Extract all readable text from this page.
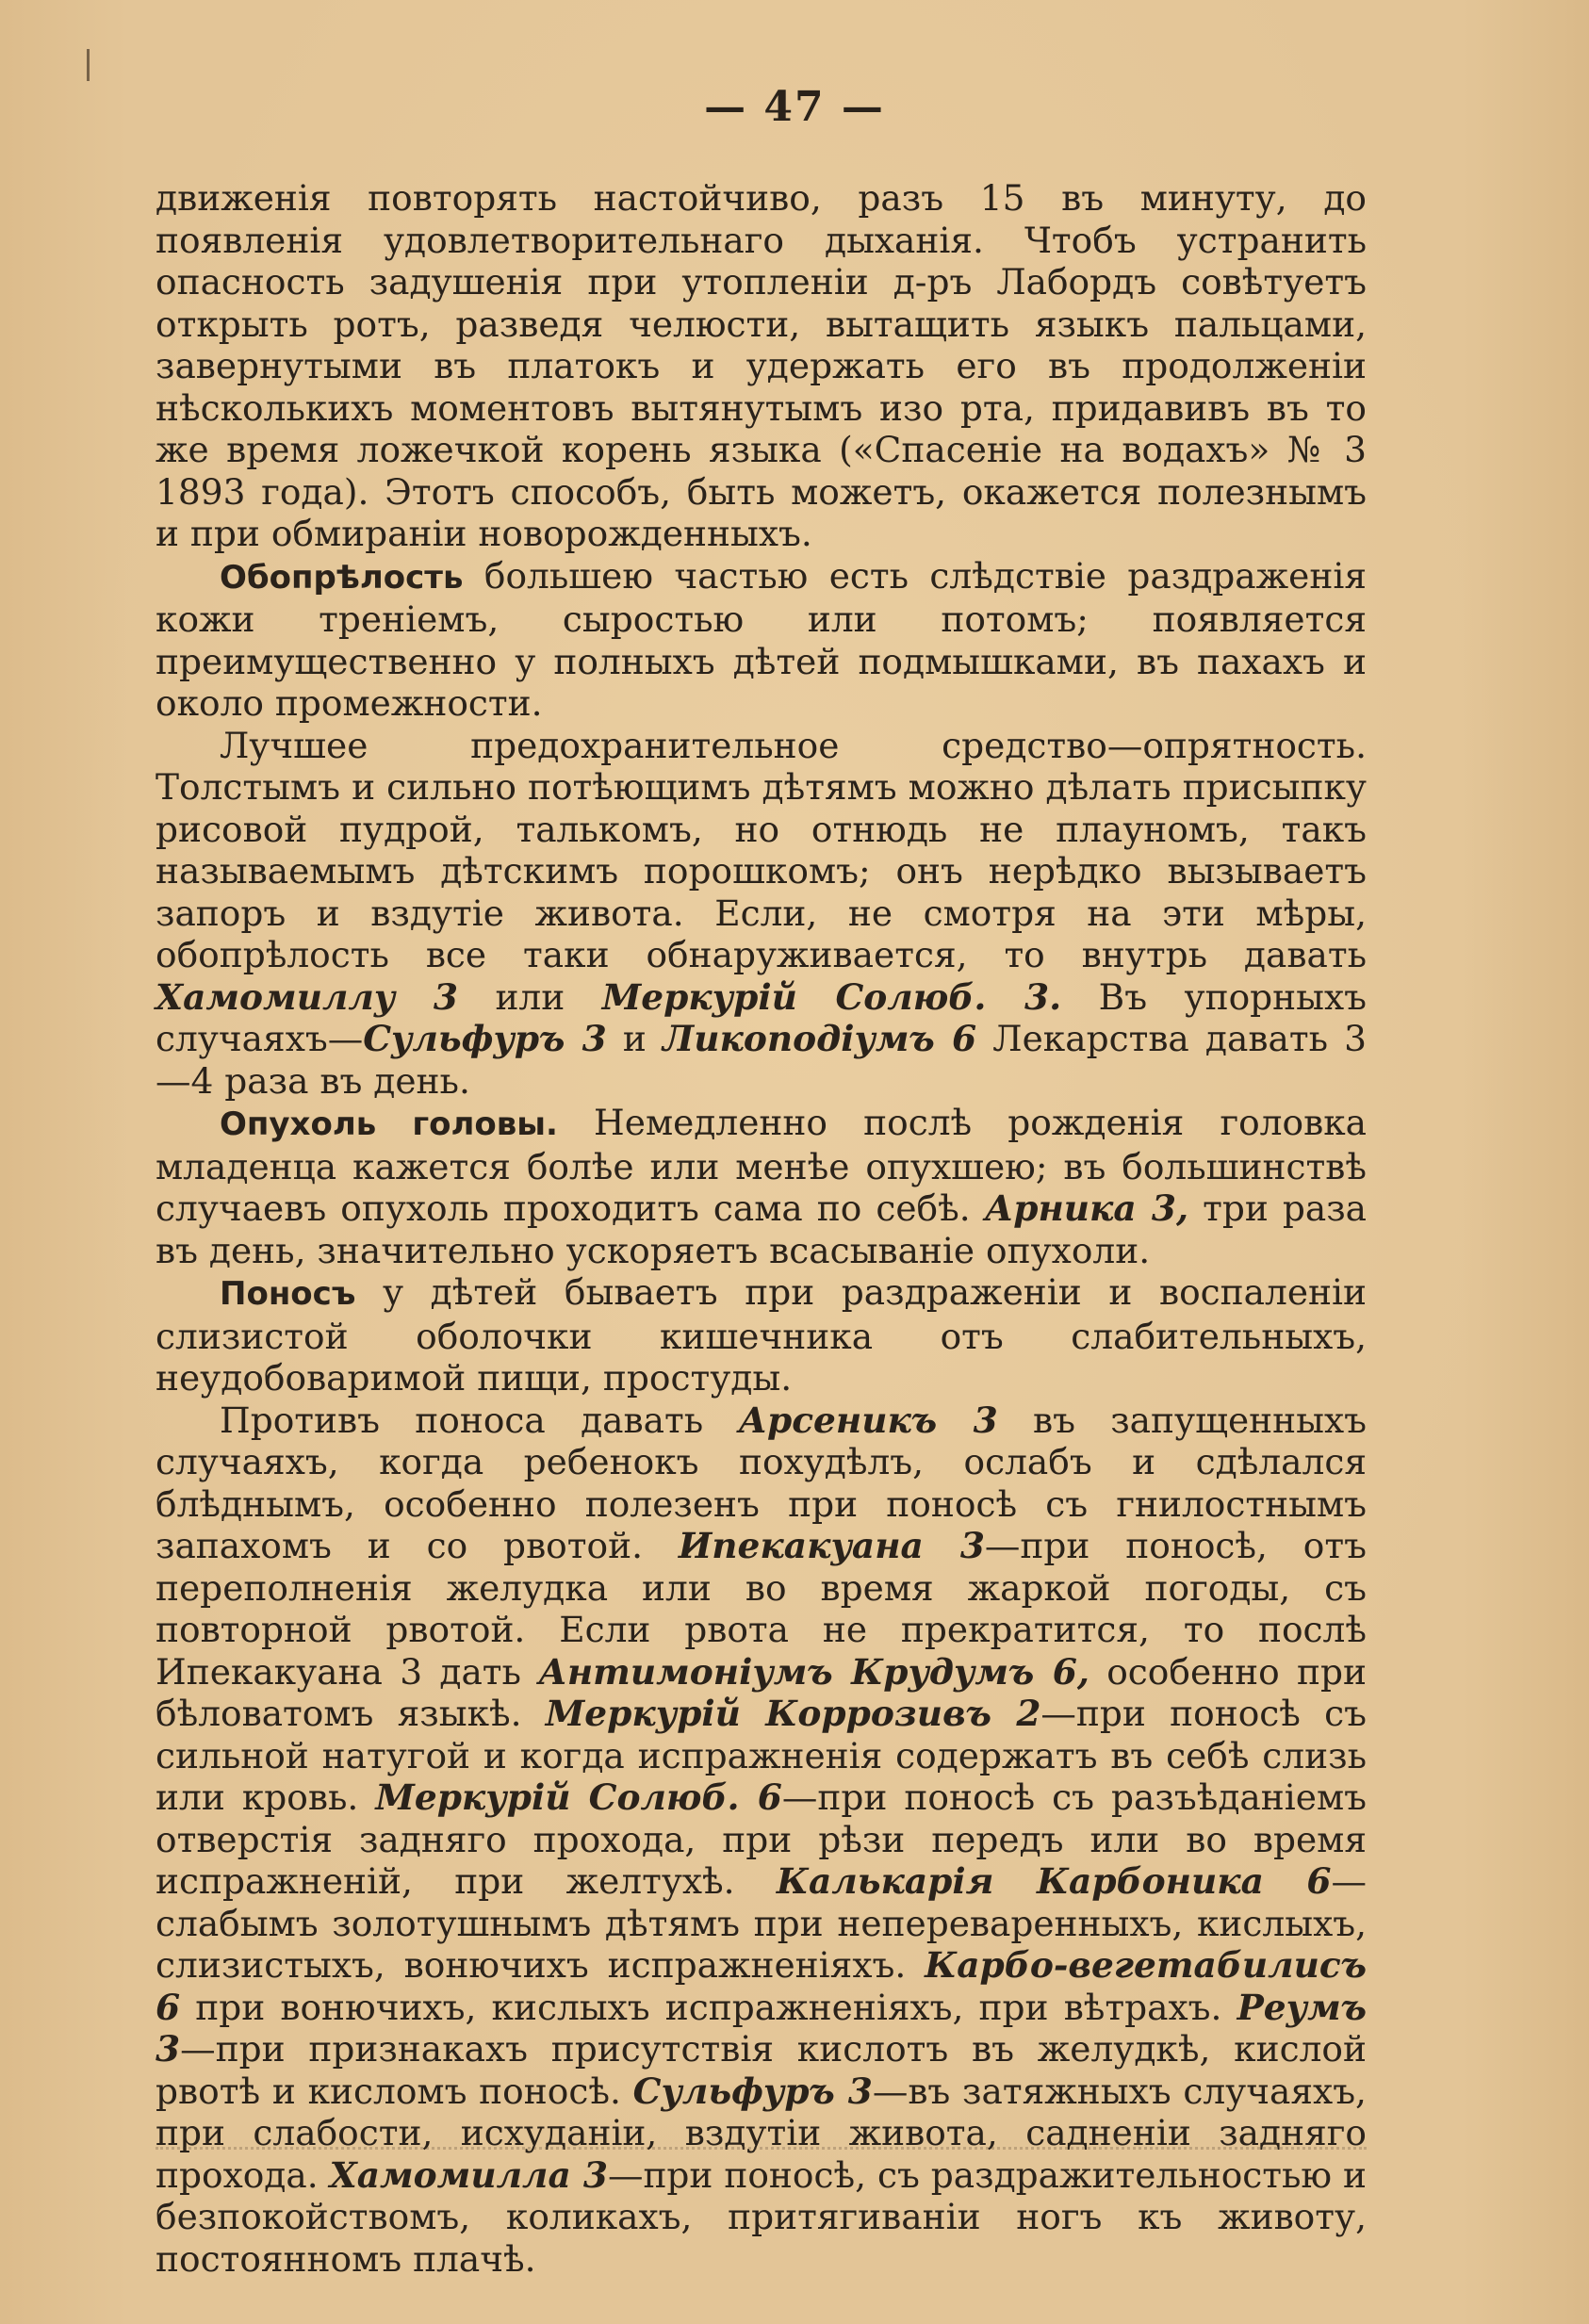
— 47 —

движенія повторять настойчиво, разъ 15 въ минуту, до появленія удовлетворительнаго дыханія. Чтобъ устранить опасность задушенія при утопленіи д-ръ Лабордъ совѣтуетъ открыть ротъ, разведя челюсти, вытащить языкъ пальцами, завернутыми въ платокъ и удержать его въ продолженіи нѣсколькихъ моментовъ вытянутымъ изо рта, придавивъ въ то же время ложечкой корень языка («Спасеніе на водахъ» № 3 1893 года). Этотъ способъ, быть можетъ, окажется полезнымъ и при обмираніи новорожденныхъ.

Обопрѣлость большею частью есть слѣдствіе раздраженія кожи треніемъ, сыростью или потомъ; появляется преимущественно у полныхъ дѣтей подмышками, въ пахахъ и около промежности.

Лучшее предохранительное средство—опрятность. Толстымъ и сильно потѣющимъ дѣтямъ можно дѣлать присыпку рисовой пудрой, талькомъ, но отнюдь не плауномъ, такъ называемымъ дѣтскимъ порошкомъ; онъ нерѣдко вызываетъ запоръ и вздутіе живота. Если, не смотря на эти мѣры, обопрѣлость все таки обнаруживается, то внутрь давать Хамомиллу 3 или Меркурій Солюб. 3. Въ упорныхъ случаяхъ—Сульфуръ 3 и Ликоподіумъ 6 Лекарства давать 3—4 раза въ день.

Опухоль головы. Немедленно послѣ рожденія головка младенца кажется болѣе или менѣе опухшею; въ большинствѣ случаевъ опухоль проходитъ сама по себѣ. Арника 3, три раза въ день, значительно ускоряетъ всасываніе опухоли.

Поносъ у дѣтей бываетъ при раздраженіи и воспаленіи слизистой оболочки кишечника отъ слабительныхъ, неудобоваримой пищи, простуды.

Противъ поноса давать Арсеникъ 3 въ запущенныхъ случаяхъ, когда ребенокъ похудѣлъ, ослабъ и сдѣлался блѣднымъ, особенно полезенъ при поносѣ съ гнилостнымъ запахомъ и со рвотой. Ипекакуана 3—при поносѣ, отъ переполненія желудка или во время жаркой погоды, съ повторной рвотой. Если рвота не прекратится, то послѣ Ипекакуана 3 дать Антимоніумъ Крудумъ 6, особенно при бѣловатомъ языкѣ. Меркурій Коррозивъ 2—при поносѣ съ сильной натугой и когда испражненія содержатъ въ себѣ слизь или кровь. Меркурій Солюб. 6—при поносѣ съ разъѣданіемъ отверстія задняго прохода, при рѣзи передъ или во время испражненій, при желтухѣ. Калькарія Карбоника 6—слабымъ золотушнымъ дѣтямъ при непереваренныхъ, кислыхъ, слизистыхъ, вонючихъ испражненіяхъ. Карбо-вегетабилисъ 6 при вонючихъ, кислыхъ испражненіяхъ, при вѣтрахъ. Реумъ 3—при признакахъ присутствія кислотъ въ желудкѣ, кислой рвотѣ и кисломъ поносѣ. Сульфуръ 3—въ затяжныхъ случаяхъ, при слабости, исхуданіи, вздутіи живота, садненіи задняго прохода. Хамомилла 3—при поносѣ, съ раздражительностью и безпокойствомъ, коликахъ, притягиваніи ногъ къ животу, постоянномъ плачѣ.
